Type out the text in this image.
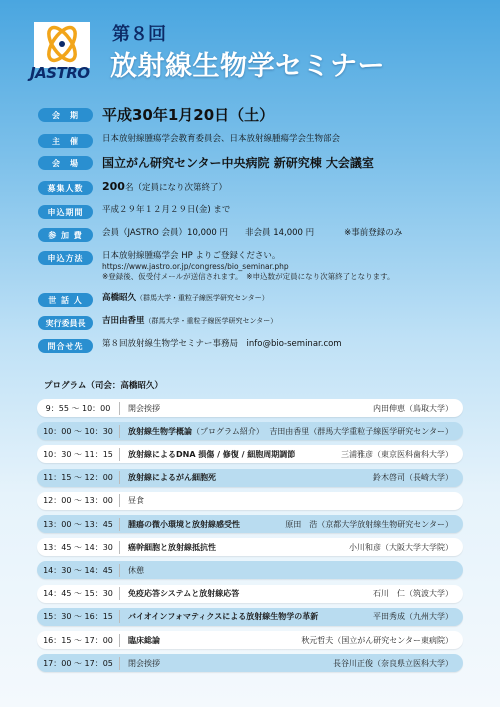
JASTRO
第８回
放射線生物学セミナー
会　期	平成30年1月20日（土）
主　催	日本放射線腫瘍学会教育委員会、日本放射線腫瘍学会生物部会
会　場	国立がん研究センター中央病院 新研究棟 大会議室
募集人数	200名（定員になり次第終了）
申込期間	平成２９年１２月２９日(金) まで
参 加 費	会員（JASTRO 会員）10,000 円　　非会員 14,000 円	※事前登録のみ
申込方法	日本放射線腫瘍学会 HP よりご登録ください。
https://www.jastro.or.jp/congress/bio_seminar.php
※登録後、仮受付メールが送信されます。　※申込数が定員になり次第終了となります。
世 話 人	高橋昭久（群馬大学・重粒子線医学研究センター）
実行委員長	吉田由香里（群馬大学・重粒子線医学研究センター）
問合せ先	第８回放射線生物学セミナー事務局　info@bio-seminar.com
プログラム（司会：高橋昭久）
9：55 ～ 10：00	開会挨拶	内田伸恵（鳥取大学）
10：00 ～ 10：30	放射線生物学概論（プログラム紹介） 吉田由香里（群馬大学重粒子線医学研究センター）
10：30 ～ 11：15	放射線によるDNA 損傷 / 修復 / 細胞周期調節	三浦雅彦（東京医科歯科大学）
11：15 ～ 12：00	放射線によるがん細胞死	鈴木啓司（長崎大学）
12：00 ～ 13：00	昼食
13：00 ～ 13：45	腫瘍の微小環境と放射線感受性	原田　浩（京都大学放射線生物研究センター）
13：45 ～ 14：30	癌幹細胞と放射線抵抗性	小川和彦（大阪大学大学院）
14：30 ～ 14：45	休憩
14：45 ～ 15：30	免疫応答システムと放射線応答	石川　仁（筑波大学）
15：30 ～ 16：15	バイオインフォマティクスによる放射線生物学の革新	平田秀成（九州大学）
16：15 ～ 17：00	臨床総論	秋元哲夫（国立がん研究センター東病院）
17：00 ～ 17：05	閉会挨拶	長谷川正俊（奈良県立医科大学）
